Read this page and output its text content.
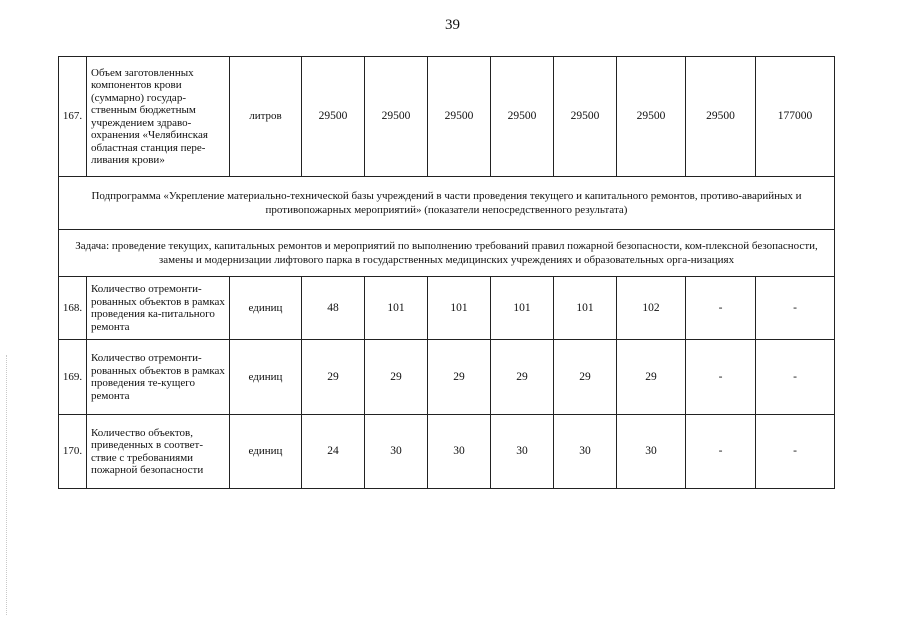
39
167.	Объем заготовленных компонентов крови (суммарно) государ-ственным бюджетным учреждением здраво-охранения «Челябинская областная станция пере-ливания крови»	литров	29500	29500	29500	29500	29500	29500	29500	177000
Подпрограмма «Укрепление материально-технической базы учреждений в части проведения текущего и капитального ремонтов, противо-аварийных и противопожарных мероприятий» (показатели непосредственного результата)										
Задача: проведение текущих, капитальных ремонтов и мероприятий по выполнению требований правил пожарной безопасности, ком-плексной безопасности, замены и модернизации лифтового парка в государственных медицинских учреждениях и образовательных орга-низациях										
168.	Количество отремонти-рованных объектов в рамках проведения ка-питального ремонта	единиц	48	101	101	101	101	102	-	-
169.	Количество отремонти-рованных объектов в рамках проведения те-кущего ремонта	единиц	29	29	29	29	29	29	-	-
170.	Количество объектов, приведенных в соответ-ствие с требованиями пожарной безопасности	единиц	24	30	30	30	30	30	-	-
